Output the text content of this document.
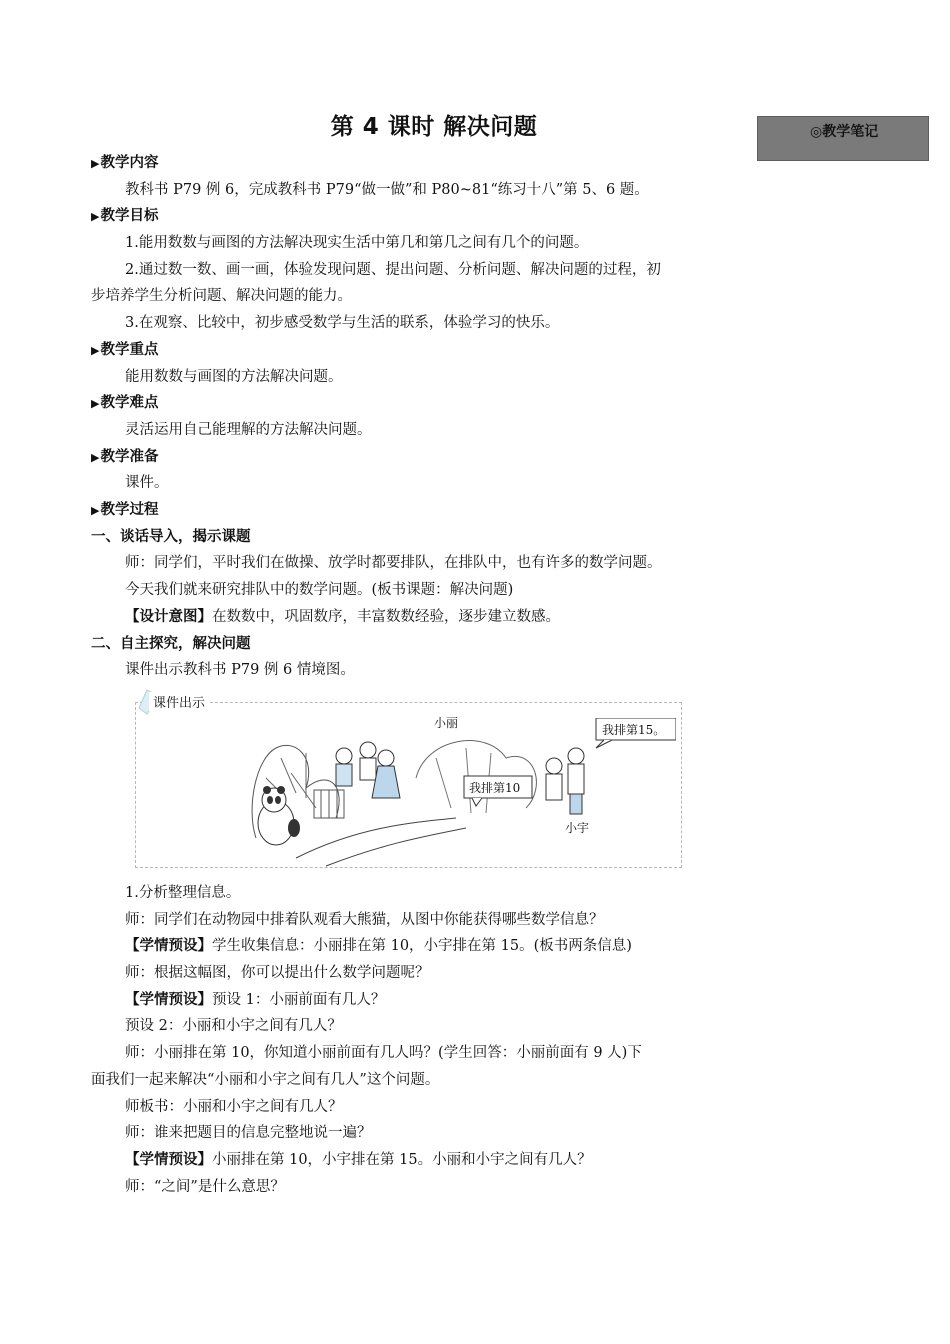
第 4 课时 解决问题	◎教学笔记
▶教学内容
教科书 P79 例 6，完成教科书 P79“做一做”和 P80~81“练习十八”第 5、6 题。
▶教学目标
1.能用数数与画图的方法解决现实生活中第几和第几之间有几个的问题。
2.通过数一数、画一画，体验发现问题、提出问题、分析问题、解决问题的过程，初
步培养学生分析问题、解决问题的能力。
3.在观察、比较中，初步感受数学与生活的联系，体验学习的快乐。
▶教学重点
能用数数与画图的方法解决问题。
▶教学难点
灵活运用自己能理解的方法解决问题。
▶教学准备
课件。
▶教学过程
一、谈话导入，揭示课题
师：同学们，平时我们在做操、放学时都要排队，在排队中，也有许多的数学问题。
今天我们就来研究排队中的数学问题。(板书课题：解决问题)
【设计意图】在数数中，巩固数序，丰富数数经验，逐步建立数感。
二、自主探究，解决问题
课件出示教科书 P79 例 6 情境图。
课件出示
小丽
我排第10
我排第15。
小宇
1.分析整理信息。
师：同学们在动物园中排着队观看大熊猫，从图中你能获得哪些数学信息？
【学情预设】学生收集信息：小丽排在第 10，小宇排在第 15。(板书两条信息)
师：根据这幅图，你可以提出什么数学问题呢？
【学情预设】预设 1：小丽前面有几人？
预设 2：小丽和小宇之间有几人？
师：小丽排在第 10，你知道小丽前面有几人吗？(学生回答：小丽前面有 9 人)下
面我们一起来解决“小丽和小宇之间有几人”这个问题。
师板书：小丽和小宇之间有几人？
师：谁来把题目的信息完整地说一遍？
【学情预设】小丽排在第 10，小宇排在第 15。小丽和小宇之间有几人？
师：“之间”是什么意思？
